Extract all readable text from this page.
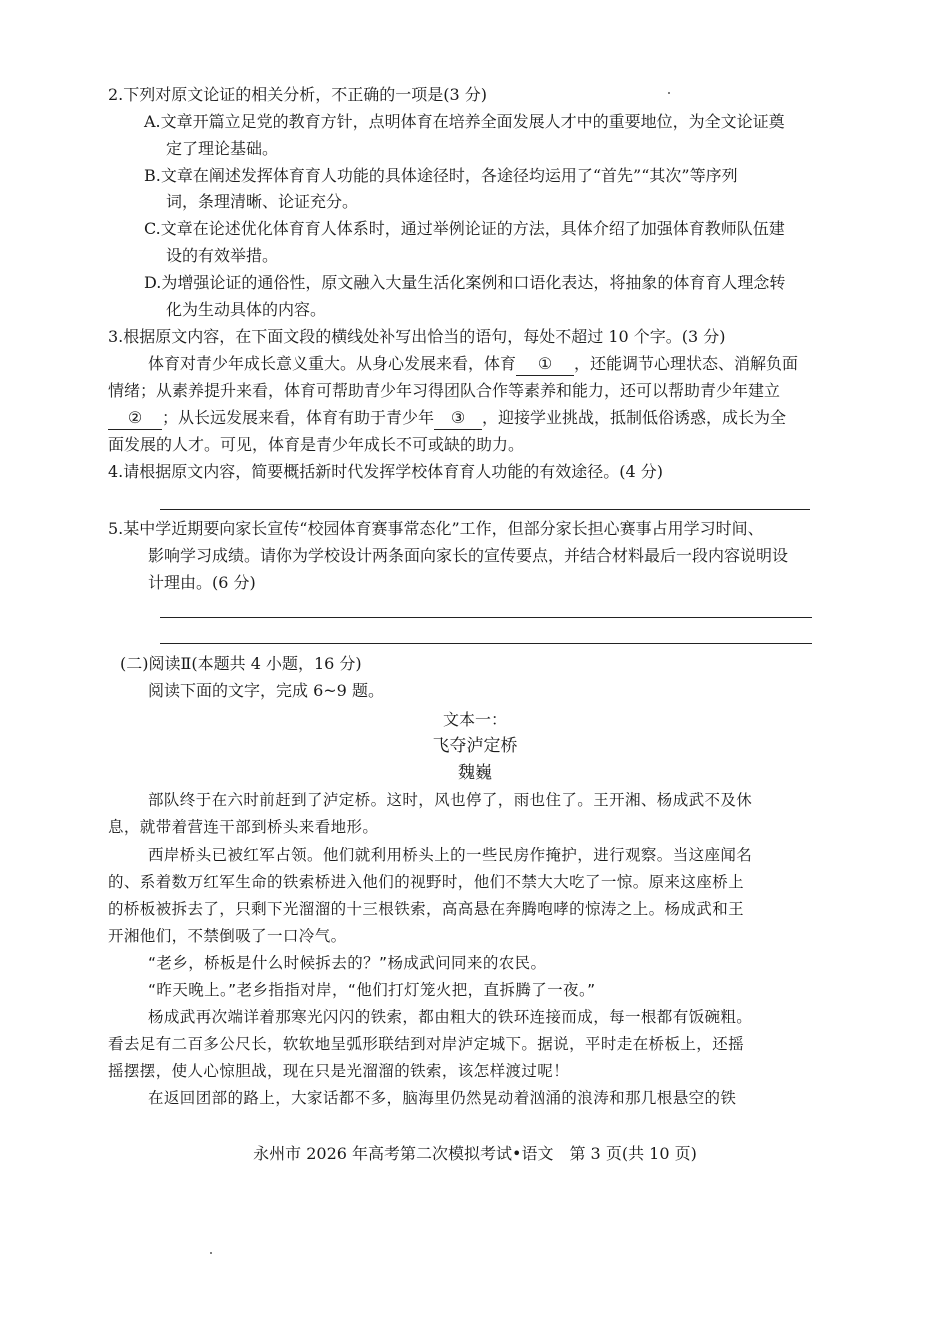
2.下列对原文论证的相关分析，不正确的一项是(3 分)
A.文章开篇立足党的教育方针，点明体育在培养全面发展人才中的重要地位，为全文论证奠
定了理论基础。
B.文章在阐述发挥体育育人功能的具体途径时，各途径均运用了“首先”“其次”等序列
词，条理清晰、论证充分。
C.文章在论述优化体育育人体系时，通过举例论证的方法，具体介绍了加强体育教师队伍建
设的有效举措。
D.为增强论证的通俗性，原文融入大量生活化案例和口语化表达，将抽象的体育育人理念转
化为生动具体的内容。
3.根据原文内容，在下面文段的横线处补写出恰当的语句，每处不超过 10 个字。(3 分)
体育对青少年成长意义重大。从身心发展来看，体育 ① ，还能调节心理状态、消解负面
情绪；从素养提升来看，体育可帮助青少年习得团队合作等素养和能力，还可以帮助青少年建立
② ；从长远发展来看，体育有助于青少年 ③ ，迎接学业挑战，抵制低俗诱惑，成长为全
面发展的人才。可见，体育是青少年成长不可或缺的助力。
4.请根据原文内容，简要概括新时代发挥学校体育育人功能的有效途径。(4 分)
5.某中学近期要向家长宣传“校园体育赛事常态化”工作，但部分家长担心赛事占用学习时间、
影响学习成绩。请你为学校设计两条面向家长的宣传要点，并结合材料最后一段内容说明设
计理由。(6 分)
(二)阅读Ⅱ(本题共 4 小题，16 分)
阅读下面的文字，完成 6~9 题。
文本一：
飞夺泸定桥
魏巍
部队终于在六时前赶到了泸定桥。这时，风也停了，雨也住了。王开湘、杨成武不及休
息，就带着营连干部到桥头来看地形。
西岸桥头已被红军占领。他们就利用桥头上的一些民房作掩护，进行观察。当这座闻名
的、系着数万红军生命的铁索桥进入他们的视野时，他们不禁大大吃了一惊。原来这座桥上
的桥板被拆去了，只剩下光溜溜的十三根铁索，高高悬在奔腾咆哮的惊涛之上。杨成武和王
开湘他们，不禁倒吸了一口冷气。
“老乡，桥板是什么时候拆去的？”杨成武问同来的农民。
“昨天晚上。”老乡指指对岸，“他们打灯笼火把，直拆腾了一夜。”
杨成武再次端详着那寒光闪闪的铁索，都由粗大的铁环连接而成，每一根都有饭碗粗。
看去足有二百多公尺长，软软地呈弧形联结到对岸泸定城下。据说，平时走在桥板上，还摇
摇摆摆，使人心惊胆战，现在只是光溜溜的铁索，该怎样渡过呢！
在返回团部的路上，大家话都不多，脑海里仍然晃动着汹涌的浪涛和那几根悬空的铁
永州市 2026 年高考第二次模拟考试•语文　第 3 页(共 10 页)
